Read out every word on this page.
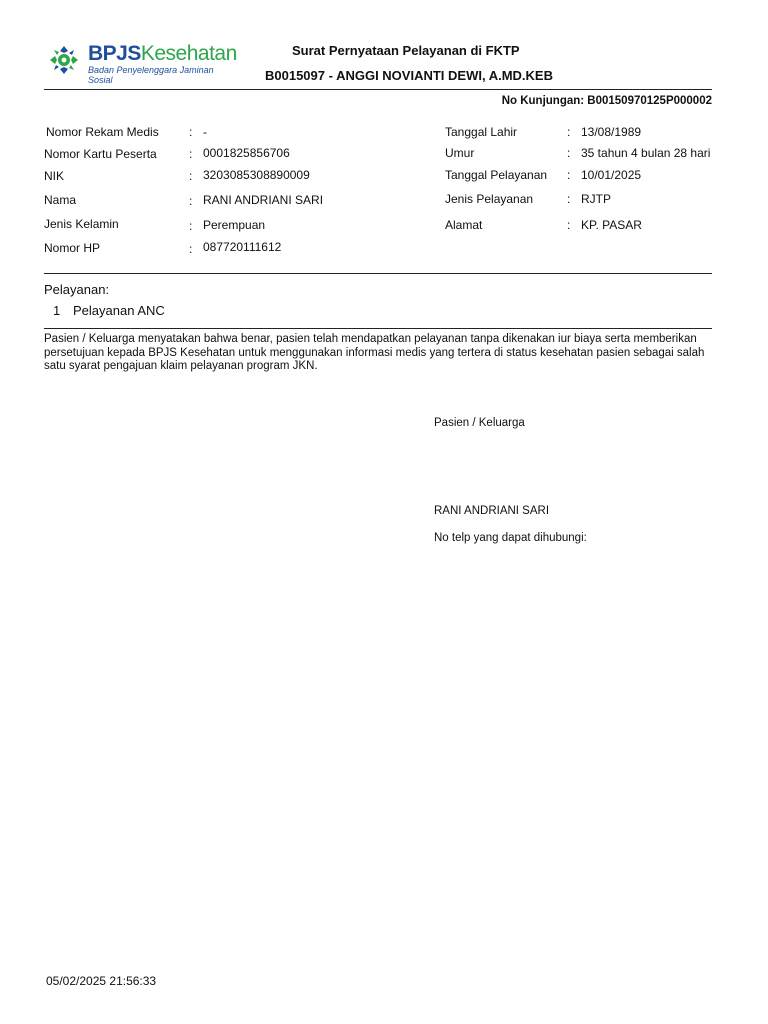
BPJSKesehatan
Badan Penyelenggara Jaminan Sosial
Surat Pernyataan Pelayanan di FKTP
B0015097 - ANGGI NOVIANTI DEWI, A.MD.KEB
No Kunjungan: B00150970125P000002
Nomor Rekam Medis	: -
Nomor Kartu Peserta	: 0001825856706
NIK	: 3203085308890009
Nama	: RANI ANDRIANI SARI
Jenis Kelamin	: Perempuan
Nomor HP	: 087720111612
Tanggal Lahir	: 13/08/1989
Umur	: 35 tahun 4 bulan 28 hari
Tanggal Pelayanan : 10/01/2025
Jenis Pelayanan	: RJTP
Alamat	: KP. PASAR
Pelayanan:
1 Pelayanan ANC
Pasien / Keluarga menyatakan bahwa benar, pasien telah mendapatkan pelayanan tanpa dikenakan iur biaya serta memberikan persetujuan kepada BPJS Kesehatan untuk menggunakan informasi medis yang tertera di status kesehatan pasien sebagai salah satu syarat pengajuan klaim pelayanan program JKN.
Pasien / Keluarga
RANI ANDRIANI SARI
No telp yang dapat dihubungi:
05/02/2025 21:56:33
